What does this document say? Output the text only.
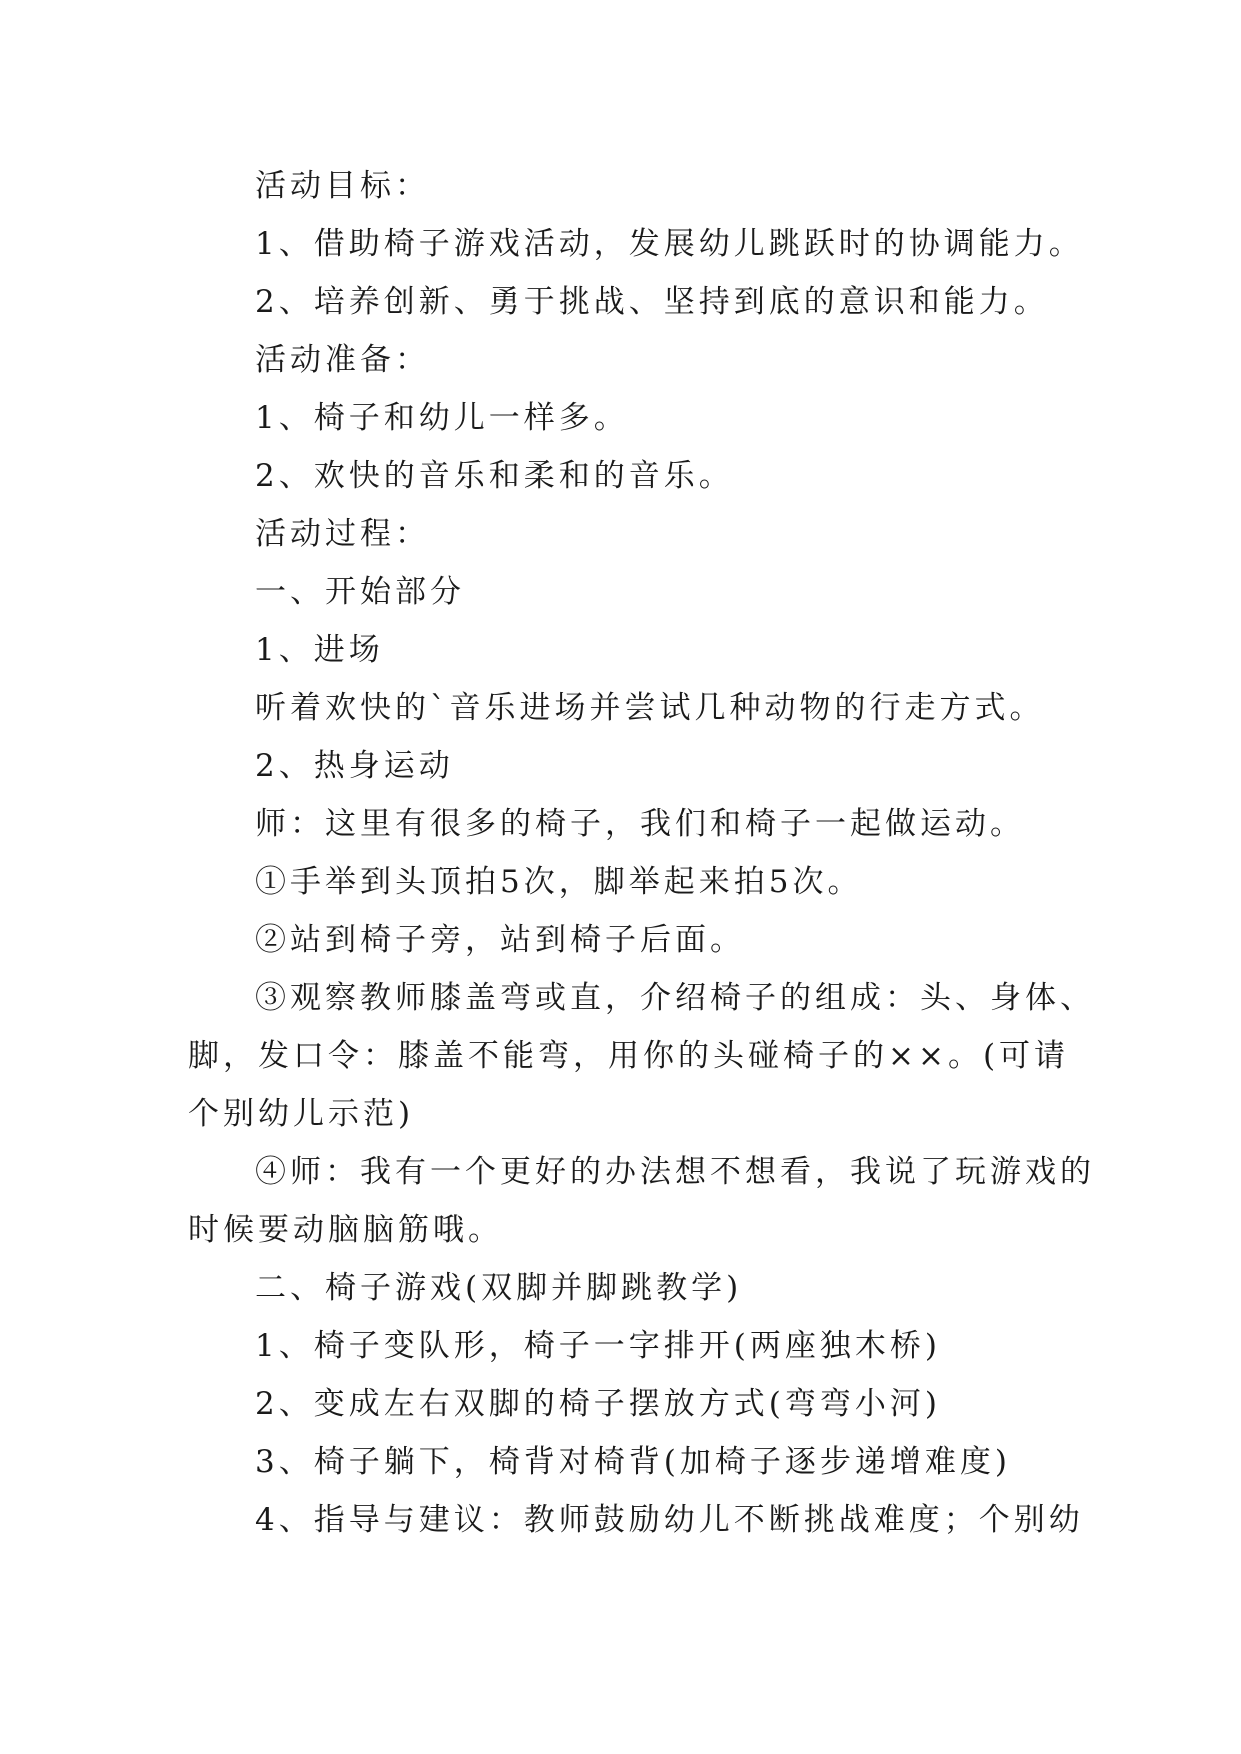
活动目标：
1、借助椅子游戏活动，发展幼儿跳跃时的协调能力。
2、培养创新、勇于挑战、坚持到底的意识和能力。
活动准备：
1、椅子和幼儿一样多。
2、欢快的音乐和柔和的音乐。
活动过程：
一、开始部分
1、进场
听着欢快的`音乐进场并尝试几种动物的行走方式。
2、热身运动
师：这里有很多的椅子，我们和椅子一起做运动。
①手举到头顶拍5次，脚举起来拍5次。
②站到椅子旁，站到椅子后面。
③观察教师膝盖弯或直，介绍椅子的组成：头、身体、
脚，发口令：膝盖不能弯，用你的头碰椅子的××。(可请
个别幼儿示范)
④师：我有一个更好的办法想不想看，我说了玩游戏的
时候要动脑脑筋哦。
二、椅子游戏(双脚并脚跳教学)
1、椅子变队形，椅子一字排开(两座独木桥)
2、变成左右双脚的椅子摆放方式(弯弯小河)
3、椅子躺下，椅背对椅背(加椅子逐步递增难度)
4、指导与建议：教师鼓励幼儿不断挑战难度；个别幼
